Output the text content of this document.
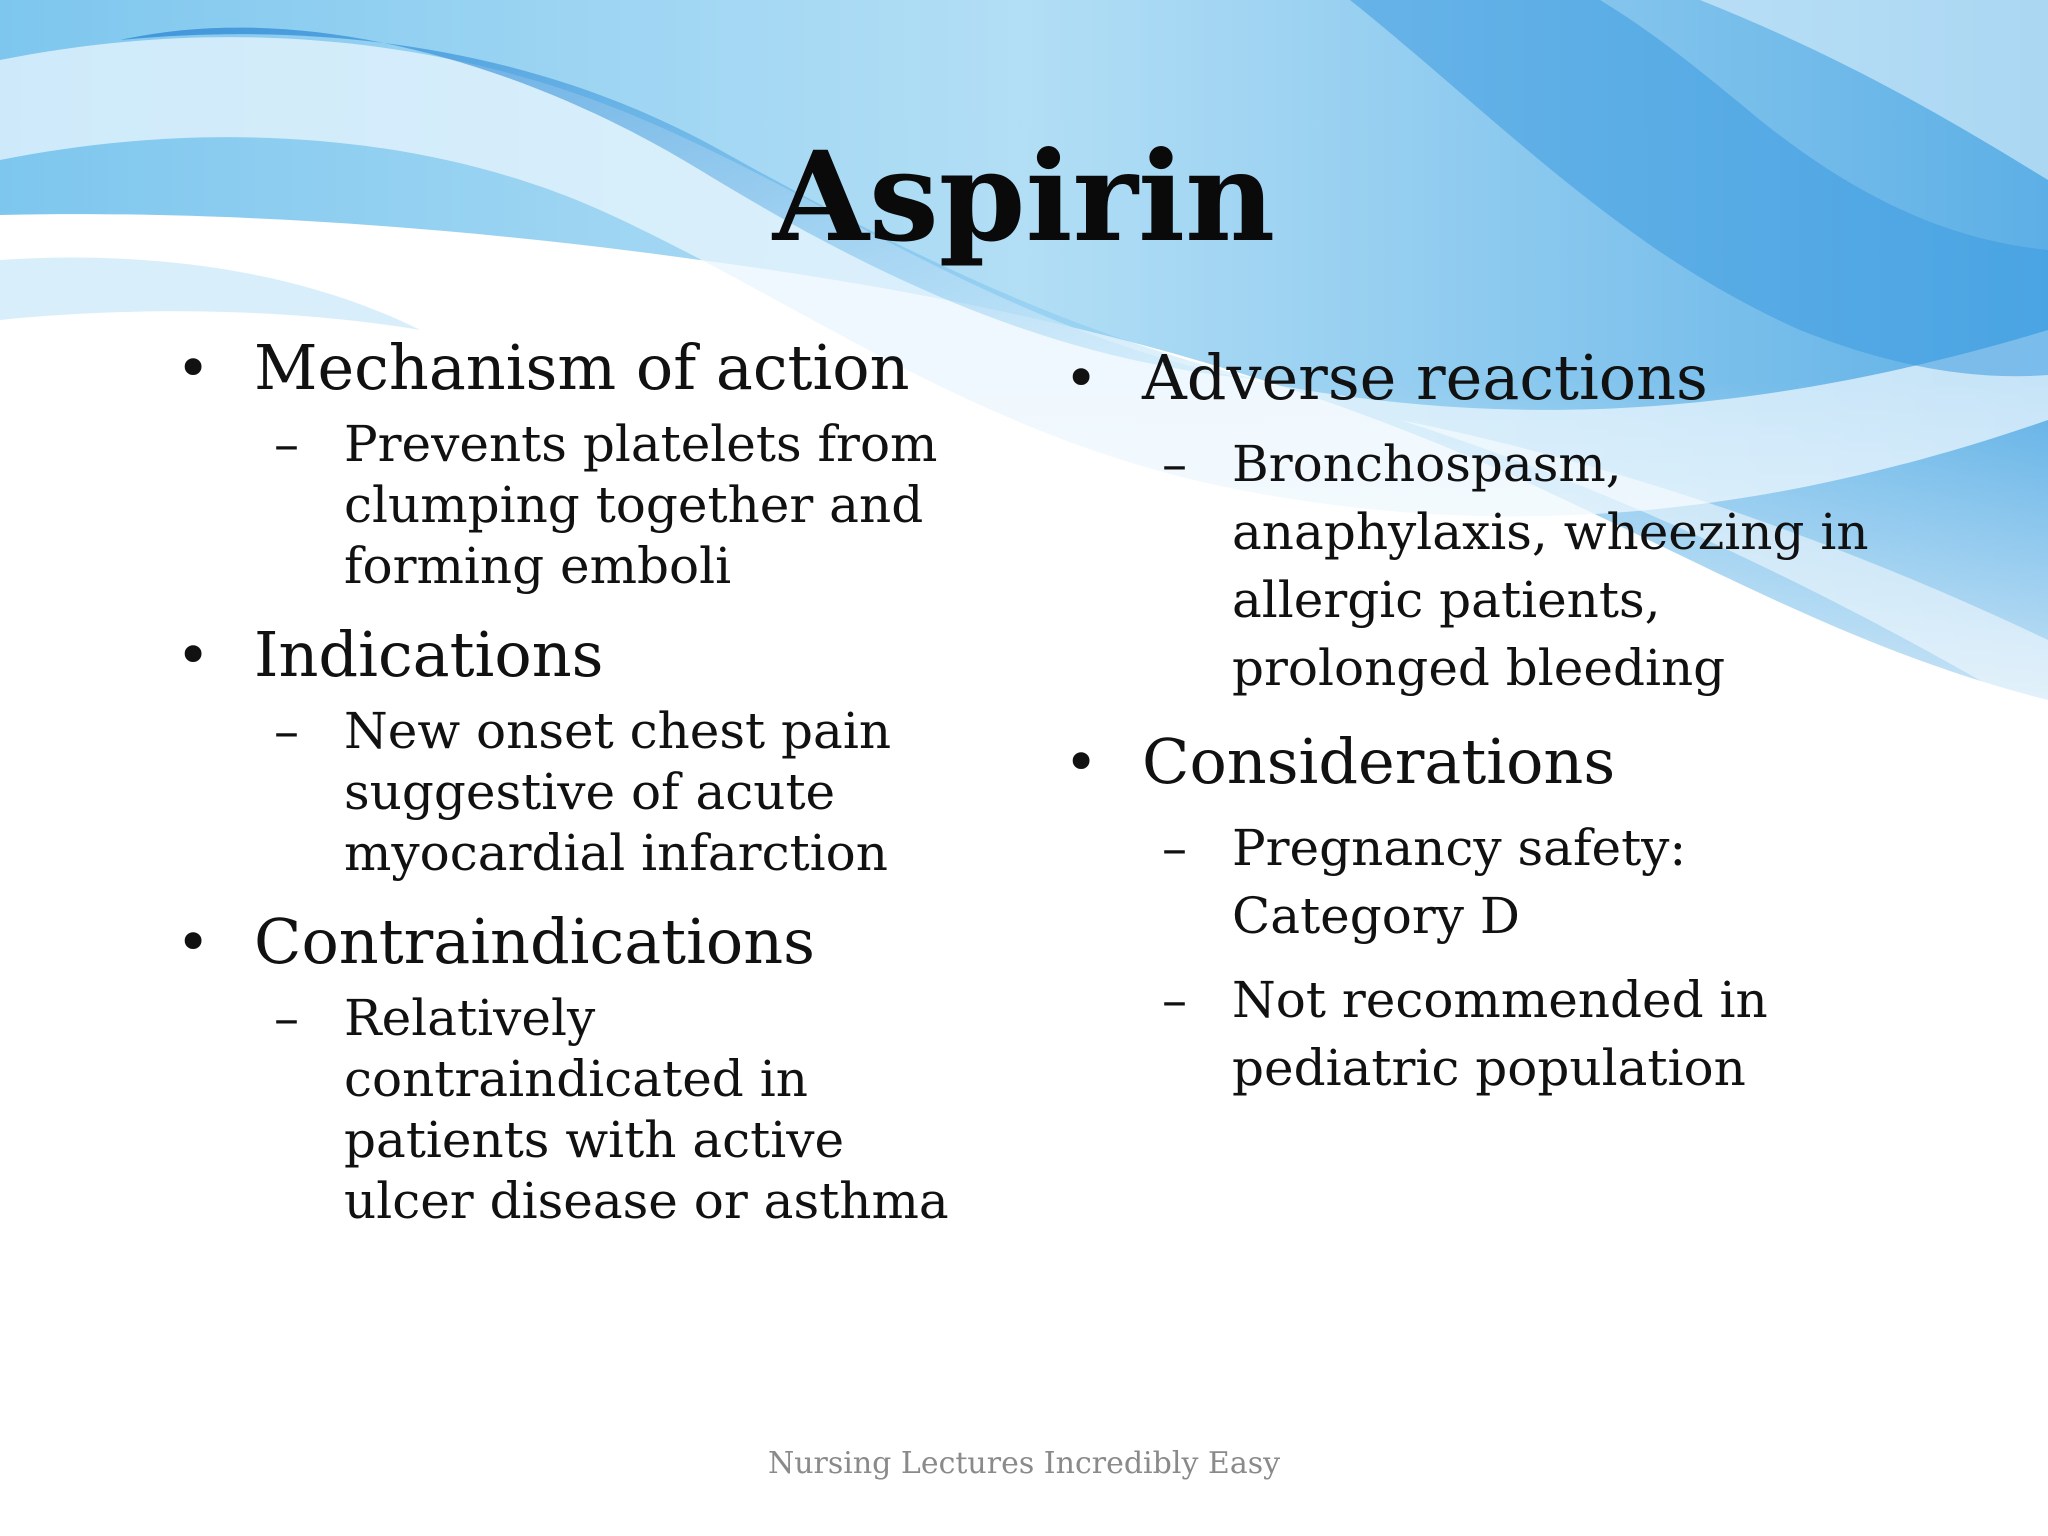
Aspirin
• Mechanism of action
– Prevents platelets from clumping together and forming emboli
• Indications
– New onset chest pain suggestive of acute myocardial infarction
• Contraindications
– Relatively contraindicated in patients with active ulcer disease or asthma
• Adverse reactions
– Bronchospasm, anaphylaxis, wheezing in allergic patients, prolonged bleeding
• Considerations
– Pregnancy safety: Category D
– Not recommended in pediatric population
Nursing Lectures Incredibly Easy
